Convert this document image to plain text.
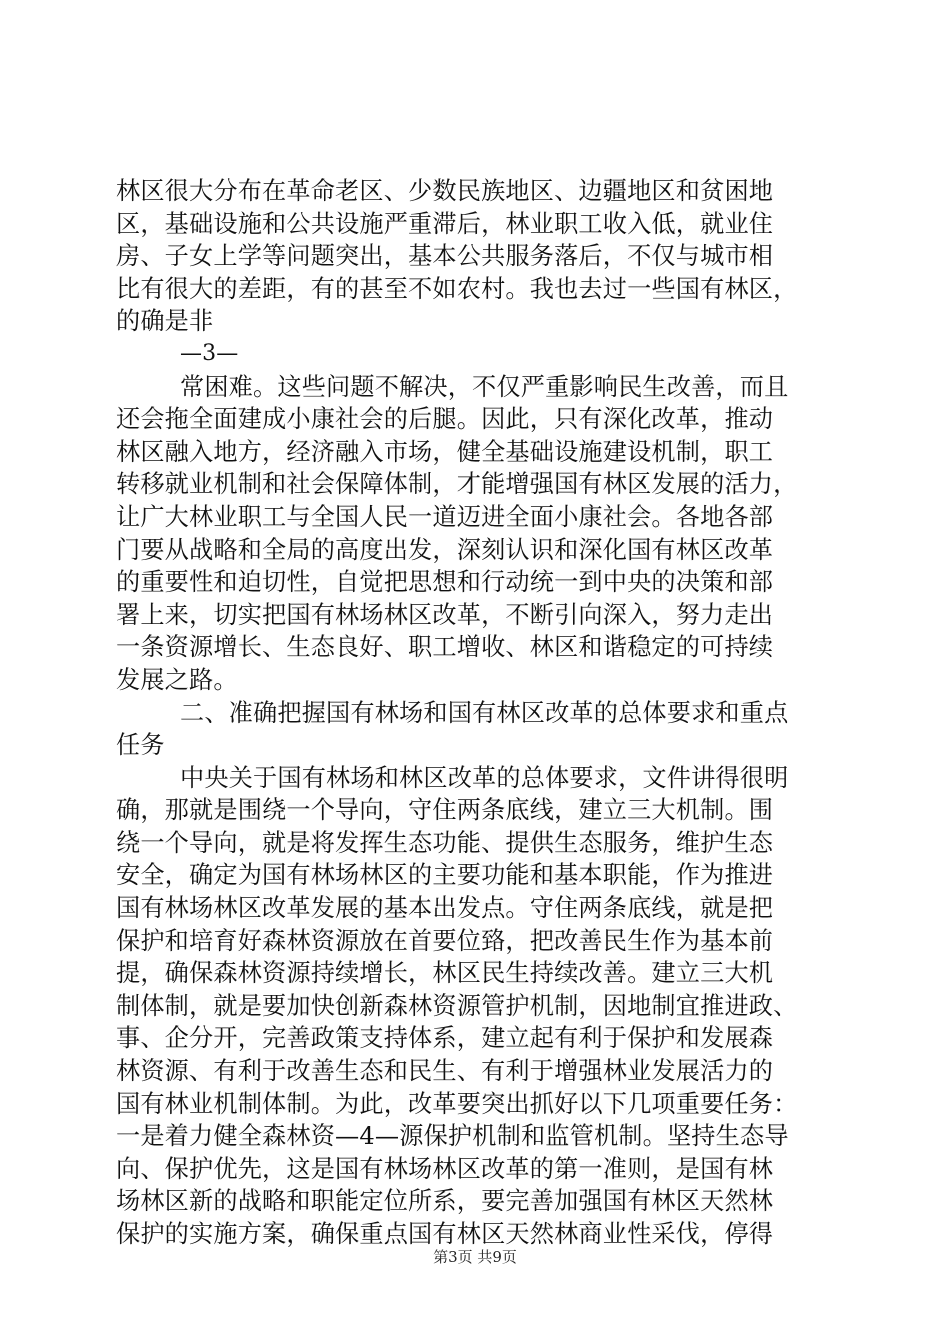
林区很大分布在革命老区、少数民族地区、边疆地区和贫困地
区，基础设施和公共设施严重滞后，林业职工收入低，就业住
房、子女上学等问题突出，基本公共服务落后，不仅与城市相
比有很大的差距，有的甚至不如农村。我也去过一些国有林区，
的确是非
—3—
常困难。这些问题不解决，不仅严重影响民生改善，而且
还会拖全面建成小康社会的后腿。因此，只有深化改革，推动
林区融入地方，经济融入市场，健全基础设施建设机制，职工
转移就业机制和社会保障体制，才能增强国有林区发展的活力，
让广大林业职工与全国人民一道迈进全面小康社会。各地各部
门要从战略和全局的高度出发，深刻认识和深化国有林区改革
的重要性和迫切性，自觉把思想和行动统一到中央的决策和部
署上来，切实把国有林场林区改革，不断引向深入，努力走出
一条资源增长、生态良好、职工增收、林区和谐稳定的可持续
发展之路。
二、准确把握国有林场和国有林区改革的总体要求和重点
任务
中央关于国有林场和林区改革的总体要求，文件讲得很明
确，那就是围绕一个导向，守住两条底线，建立三大机制。围
绕一个导向，就是将发挥生态功能、提供生态服务，维护生态
安全，确定为国有林场林区的主要功能和基本职能，作为推进
国有林场林区改革发展的基本出发点。守住两条底线，就是把
保护和培育好森林资源放在首要位臵，把改善民生作为基本前
提，确保森林资源持续增长，林区民生持续改善。建立三大机
制体制，就是要加快创新森林资源管护机制，因地制宜推进政、
事、企分开，完善政策支持体系，建立起有利于保护和发展森
林资源、有利于改善生态和民生、有利于增强林业发展活力的
国有林业机制体制。为此，改革要突出抓好以下几项重要任务：
一是着力健全森林资—4—源保护机制和监管机制。坚持生态导
向、保护优先，这是国有林场林区改革的第一准则，是国有林
场林区新的战略和职能定位所系，要完善加强国有林区天然林
保护的实施方案，确保重点国有林区天然林商业性采伐，停得
第3页 共9页
